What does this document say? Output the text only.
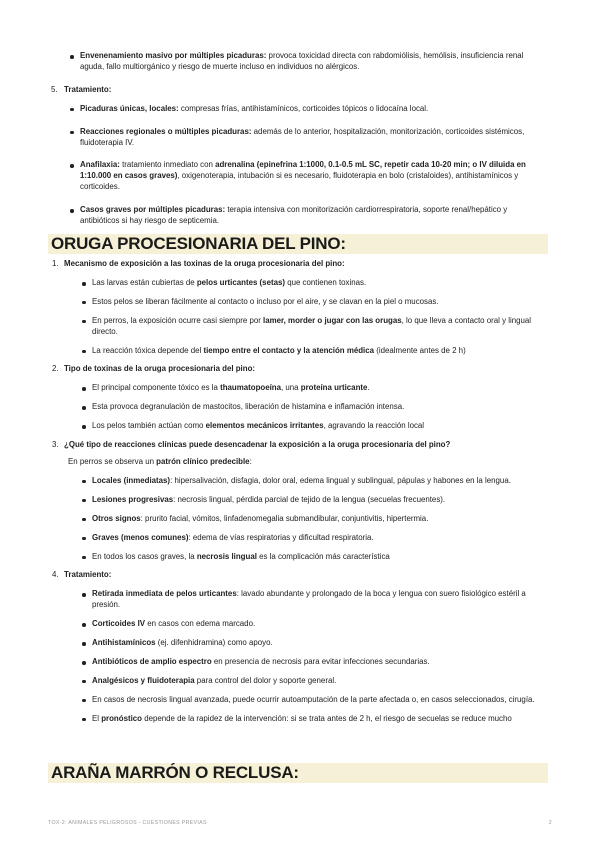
Envenenamiento masivo por múltiples picaduras: provoca toxicidad directa con rabdomiólisis, hemólisis, insuficiencia renal aguda, fallo multiorgánico y riesgo de muerte incluso en individuos no alérgicos.
5. Tratamiento:
Picaduras únicas, locales: compresas frías, antihistamínicos, corticoides tópicos o lidocaína local.
Reacciones regionales o múltiples picaduras: además de lo anterior, hospitalización, monitorización, corticoides sistémicos, fluidoterapia IV.
Anafilaxia: tratamiento inmediato con adrenalina (epinefrina 1:1000, 0.1-0.5 mL SC, repetir cada 10-20 min; o IV diluida en 1:10.000 en casos graves), oxigenoterapia, intubación si es necesario, fluidoterapia en bolo (cristaloides), antihistamínicos y corticoides.
Casos graves por múltiples picaduras: terapia intensiva con monitorización cardiorrespiratoria, soporte renal/hepático y antibióticos si hay riesgo de septicemia.
ORUGA PROCESIONARIA DEL PINO:
1. Mecanismo de exposición a las toxinas de la oruga procesionaria del pino:
Las larvas están cubiertas de pelos urticantes (setas) que contienen toxinas.
Estos pelos se liberan fácilmente al contacto o incluso por el aire, y se clavan en la piel o mucosas.
En perros, la exposición ocurre casi siempre por lamer, morder o jugar con las orugas, lo que lleva a contacto oral y lingual directo.
La reacción tóxica depende del tiempo entre el contacto y la atención médica (idealmente antes de 2 h)
2. Tipo de toxinas de la oruga procesionaria del pino:
El principal componente tóxico es la thaumatopoeína, una proteína urticante.
Esta provoca degranulación de mastocitos, liberación de histamina e inflamación intensa.
Los pelos también actúan como elementos mecánicos irritantes, agravando la reacción local
3. ¿Qué tipo de reacciones clínicas puede desencadenar la exposición a la oruga procesionaria del pino?
En perros se observa un patrón clínico predecible:
Locales (inmediatas): hipersalivación, disfagia, dolor oral, edema lingual y sublingual, pápulas y habones en la lengua.
Lesiones progresivas: necrosis lingual, pérdida parcial de tejido de la lengua (secuelas frecuentes).
Otros signos: prurito facial, vómitos, linfadenomegalia submandibular, conjuntivitis, hipertermia.
Graves (menos comunes): edema de vías respiratorias y dificultad respiratoria.
En todos los casos graves, la necrosis lingual es la complicación más característica
4. Tratamiento:
Retirada inmediata de pelos urticantes: lavado abundante y prolongado de la boca y lengua con suero fisiológico estéril a presión.
Corticoides IV en casos con edema marcado.
Antihistamínicos (ej. difenhidramina) como apoyo.
Antibióticos de amplio espectro en presencia de necrosis para evitar infecciones secundarias.
Analgésicos y fluidoterapia para control del dolor y soporte general.
En casos de necrosis lingual avanzada, puede ocurrir autoamputación de la parte afectada o, en casos seleccionados, cirugía.
El pronóstico depende de la rapidez de la intervención: si se trata antes de 2 h, el riesgo de secuelas se reduce mucho
ARAÑA MARRÓN O RECLUSA:
TOX-2: ANIMALES PELIGROSOS - CUESTIONES PREVIAS	2
